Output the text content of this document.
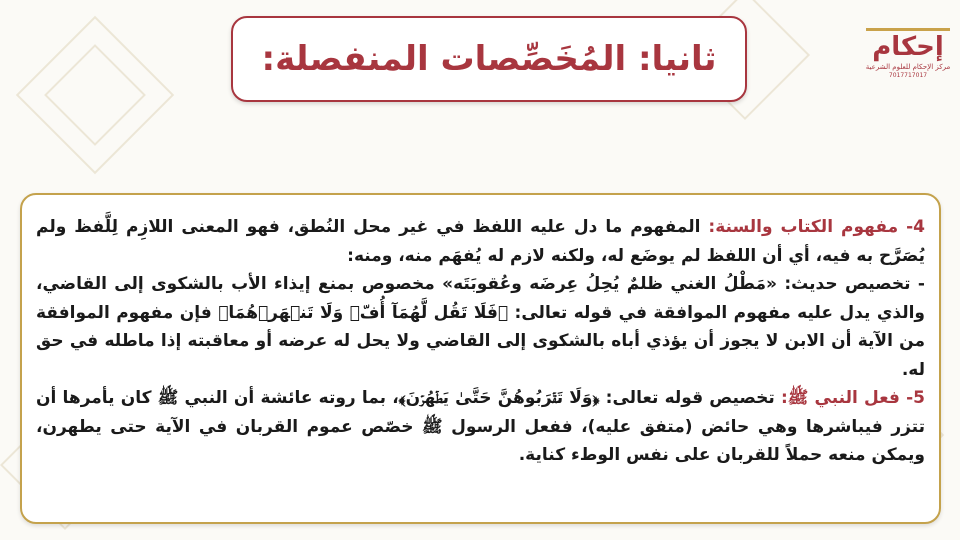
ثانيا: المُخَصِّصات المنفصلة:	إحكام
مركز الإحكام للعلوم الشرعية
7017717017

4- مفهوم الكتاب والسنة: المفهوم ما دل عليه اللفظ في غير محل النُطق، فهو المعنى اللازِم لِلَّفظ ولم يُصَرَّح به فيه، أي أن اللفظ لم يوضَع له، ولكنه لازم له يُفهَم منه، ومنه:

- تخصيص حديث: «مَطْلُ الغني ظلمٌ يُحِلُ عِرضَه وعُقوبَتَه» مخصوص بمنع إيذاء الأب بالشكوى إلى القاضي، والذي يدل عليه مفهوم الموافقة في قوله تعالى: ﴿فَلَا تَقُل لَّهُمَآ أُفّٖ وَلَا تَنۡهَرۡهُمَا﴾ فإن مفهوم الموافقة من الآية أن الابن لا يجوز أن يؤذي أباه بالشكوى إلى القاضي ولا يحل له عرضه أو معاقبته إذا ماطله في حق له.

5- فعل النبي ﷺ: تخصيص قوله تعالى: ﴿وَلَا تَقۡرَبُوهُنَّ حَتَّىٰ يَطۡهُرۡنَ﴾، بما روته عائشة أن النبي ﷺ كان يأمرها أن تتزر فيباشرها وهي حائض (متفق عليه)، ففعل الرسول ﷺ خصّص عموم القربان في الآية حتى يطهرن، ويمكن منعه حملاً للقربان على نفس الوطء كناية.
